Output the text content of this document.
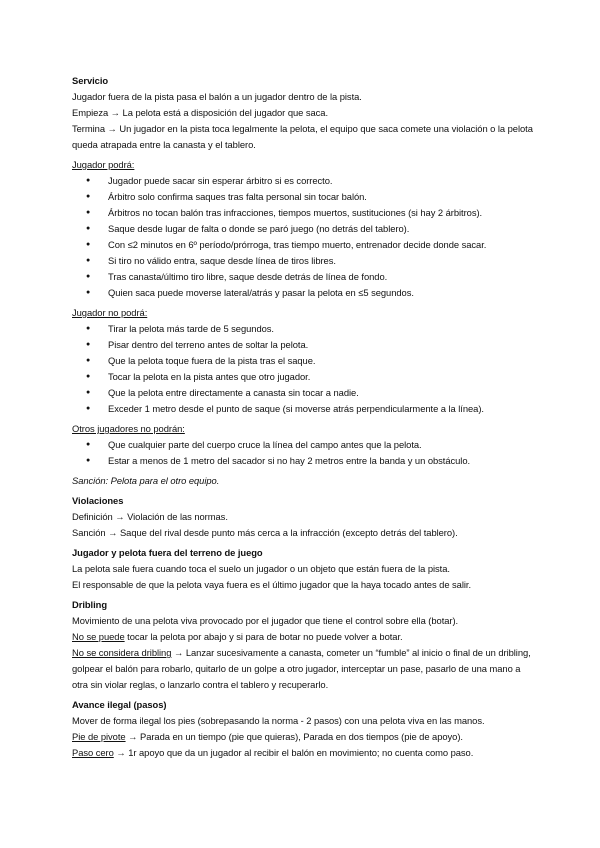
Servicio

Jugador fuera de la pista pasa el balón a un jugador dentro de la pista.

Empieza → La pelota está a disposición del jugador que saca.

Termina → Un jugador en la pista toca legalmente la pelota, el equipo que saca comete una violación o la pelota queda atrapada entre la canasta y el tablero.

Jugador podrá:

● Jugador puede sacar sin esperar árbitro si es correcto.
● Árbitro solo confirma saques tras falta personal sin tocar balón.
● Árbitros no tocan balón tras infracciones, tiempos muertos, sustituciones (si hay 2 árbitros).
● Saque desde lugar de falta o donde se paró juego (no detrás del tablero).
● Con ≤2 minutos en 6º período/prórroga, tras tiempo muerto, entrenador decide donde sacar.
● Si tiro no válido entra, saque desde línea de tiros libres.
● Tras canasta/último tiro libre, saque desde detrás de línea de fondo.
● Quien saca puede moverse lateral/atrás y pasar la pelota en ≤5 segundos.

Jugador no podrá:

● Tirar la pelota más tarde de 5 segundos.
● Pisar dentro del terreno antes de soltar la pelota.
● Que la pelota toque fuera de la pista tras el saque.
● Tocar la pelota en la pista antes que otro jugador.
● Que la pelota entre directamente a canasta sin tocar a nadie.
● Exceder 1 metro desde el punto de saque (si moverse atrás perpendicularmente a la línea).

Otros jugadores no podrán:

● Que cualquier parte del cuerpo cruce la línea del campo antes que la pelota.
● Estar a menos de 1 metro del sacador si no hay 2 metros entre la banda y un obstáculo.

Sanción: Pelota para el otro equipo.

Violaciones

Definición → Violación de las normas.

Sanción → Saque del rival desde punto más cerca a la infracción (excepto detrás del tablero).

Jugador y pelota fuera del terreno de juego

La pelota sale fuera cuando toca el suelo un jugador o un objeto que están fuera de la pista.

El responsable de que la pelota vaya fuera es el último jugador que la haya tocado antes de salir.

Dribling

Movimiento de una pelota viva provocado por el jugador que tiene el control sobre ella (botar).

No se puede tocar la pelota por abajo y si para de botar no puede volver a botar.

No se considera dribling → Lanzar sucesivamente a canasta, cometer un “fumble” al inicio o final de un dribling, golpear el balón para robarlo, quitarlo de un golpe a otro jugador, interceptar un pase, pasarlo de una mano a otra sin violar reglas, o lanzarlo contra el tablero y recuperarlo.

Avance ilegal (pasos)

Mover de forma ilegal los pies (sobrepasando la norma - 2 pasos) con una pelota viva en las manos.

Pie de pivote → Parada en un tiempo (pie que quieras), Parada en dos tiempos (pie de apoyo).

Paso cero → 1r apoyo que da un jugador al recibir el balón en movimiento; no cuenta como paso.
